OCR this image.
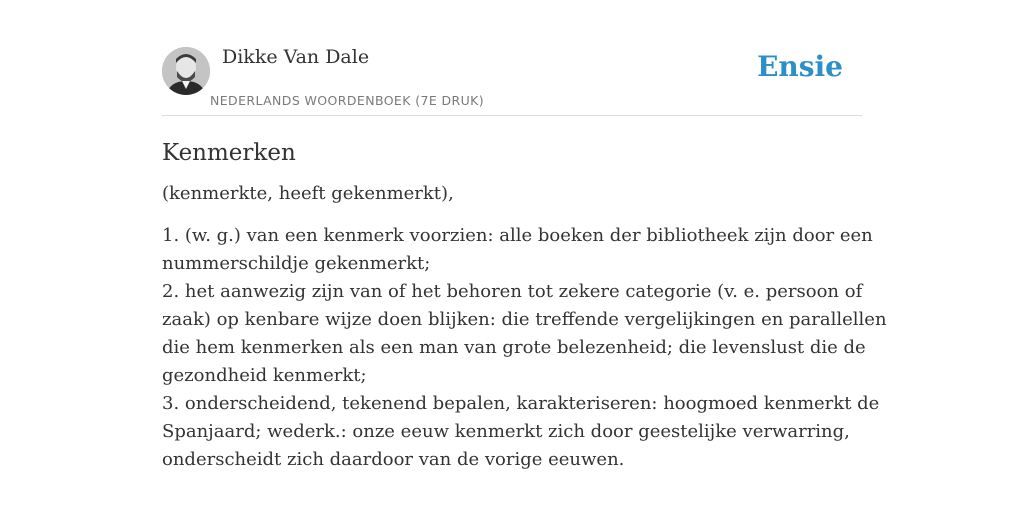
Dikke Van Dale
NEDERLANDS WOORDENBOEK (7E DRUK)
Ensie
Kenmerken
(kenmerkte, heeft gekenmerkt),
1. (w. g.) van een kenmerk voorzien: alle boeken der bibliotheek zijn door een
nummerschildje gekenmerkt;
2. het aanwezig zijn van of het behoren tot zekere categorie (v. e. persoon of
zaak) op kenbare wijze doen blijken: die treffende vergelijkingen en parallellen
die hem kenmerken als een man van grote belezenheid; die levenslust die de
gezondheid kenmerkt;
3. onderscheidend, tekenend bepalen, karakteriseren: hoogmoed kenmerkt de
Spanjaard; wederk.: onze eeuw kenmerkt zich door geestelijke verwarring,
onderscheidt zich daardoor van de vorige eeuwen.
